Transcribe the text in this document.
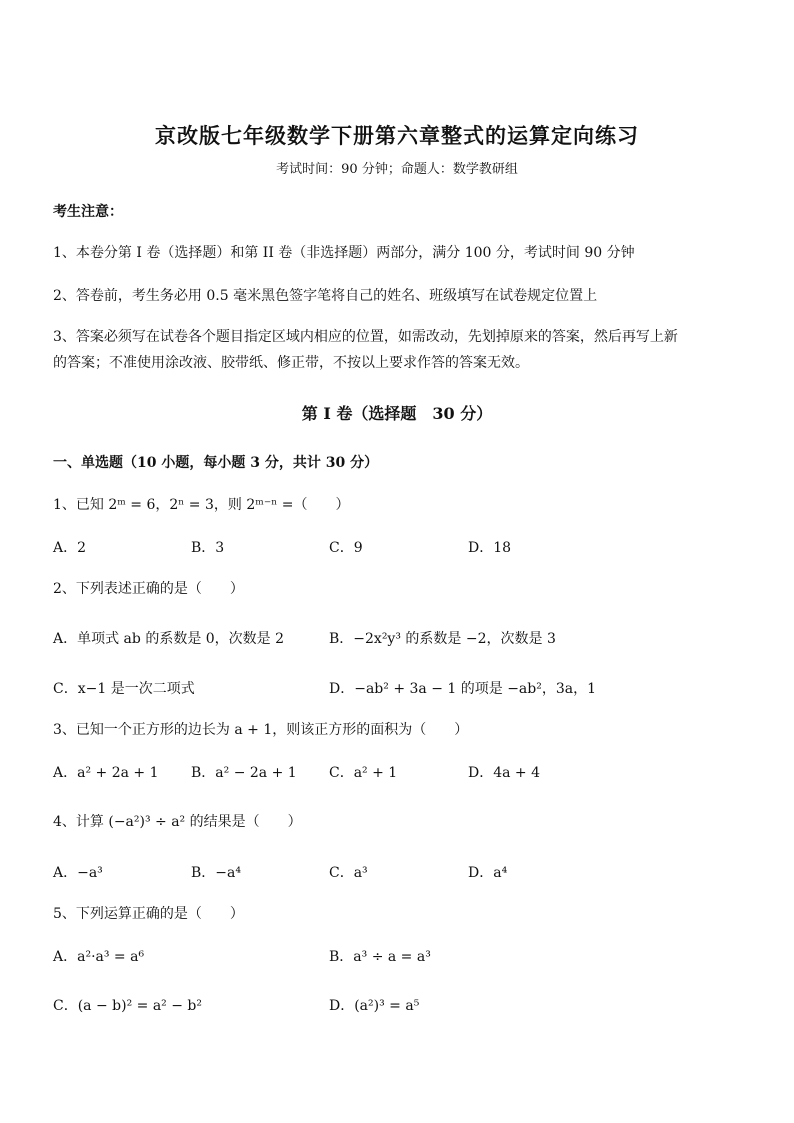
京改版七年级数学下册第六章整式的运算定向练习
考试时间：90 分钟；命题人：数学教研组
考生注意：
1、本卷分第 I 卷（选择题）和第 II 卷（非选择题）两部分，满分 100 分，考试时间 90 分钟
2、答卷前，考生务必用 0.5 毫米黑色签字笔将自己的姓名、班级填写在试卷规定位置上
3、答案必须写在试卷各个题目指定区域内相应的位置，如需改动，先划掉原来的答案，然后再写上新
的答案；不准使用涂改液、胶带纸、修正带，不按以上要求作答的答案无效。
第 I 卷（选择题　30 分）
一、单选题（10 小题，每小题 3 分，共计 30 分）
1、已知 2ᵐ = 6，2ⁿ = 3，则 2ᵐ⁻ⁿ =（　　）
A．2	B．3	C．9	D．18
2、下列表述正确的是（　　）
A．单项式 ab 的系数是 0，次数是 2	B．−2x²y³ 的系数是 −2，次数是 3
C．x−1 是一次二项式	D．−ab² + 3a − 1 的项是 −ab²，3a，1
3、已知一个正方形的边长为 a + 1，则该正方形的面积为（　　）
A．a² + 2a + 1 B．a² − 2a + 1 C．a² + 1	D．4a + 4
4、计算 (−a²)³ ÷ a² 的结果是（　　）
A．−a³	B．−a⁴	C．a³	D．a⁴
5、下列运算正确的是（　　）
A．a²·a³ = a⁶	B．a³ ÷ a = a³
C．(a − b)² = a² − b²	D．(a²)³ = a⁵
